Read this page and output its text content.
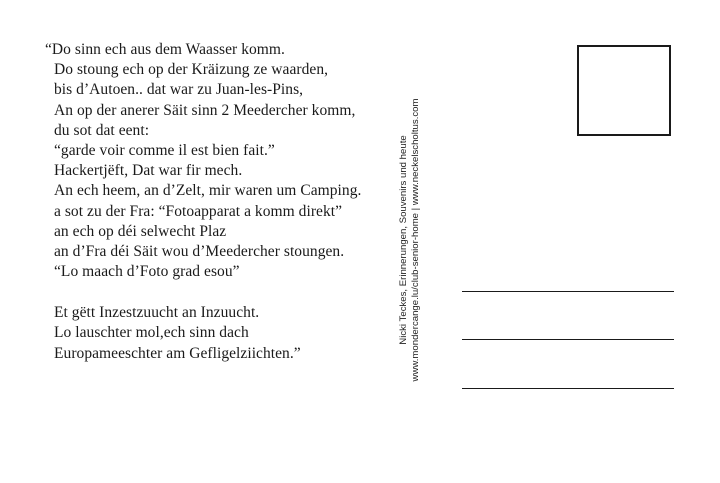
“Do sinn ech aus dem Waasser komm.
Do stoung ech op der Kräizung ze waarden,
bis d’Autoen.. dat war zu Juan-les-Pins,
An op der anerer Säit sinn 2 Meedercher komm,
du sot dat eent:
“garde voir comme il est bien fait.”
Hackertjëft, Dat war fir mech.
An ech heem, an d’Zelt, mir waren um Camping.
a sot zu der Fra: “Fotoapparat a komm direkt”
an ech op déi selwecht Plaz
an d’Fra déi Säit wou d’Meedercher stoungen.
“Lo maach d’Foto grad esou”
Et gëtt Inzestzuucht an Inzuucht.
Lo lauschter mol,ech sinn dach
Europameeschter am Gefligelziichten.”
Nicki Teckes, Erinnerungen, Souvenirs und heute www.mondercange.lu/club-senior-home | www.neckelscholtus.com
